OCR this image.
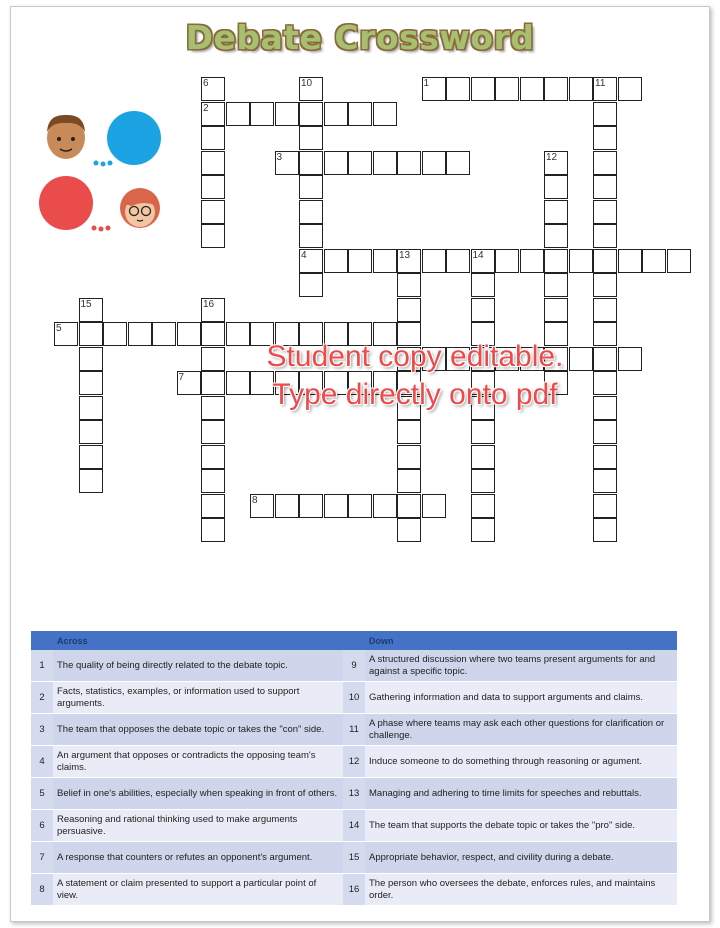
Debate Crossword
1
2
3
4
5
6
7
8
10	11
12
13	14
15	16
Student copy editable.
Type directly onto pdf
	Across		Down
1	The quality of being directly related to the debate topic.	9	A structured discussion where two teams present arguments for and against a specific topic.
2	Facts, statistics, examples, or information used to support arguments.	10	Gathering information and data to support arguments and claims.
3	The team that opposes the debate topic or takes the "con" side.	11	A phase where teams may ask each other questions for clarification or challenge.
4	An argument that opposes or contradicts the opposing team's claims.	12	Induce someone to do something through reasoning or agument.
5	Belief in one's abilities, especially when speaking in front of others.	13	Managing and adhering to time limits for speeches and rebuttals.
6	Reasoning and rational thinking used to make arguments persuasive.	14	The team that supports the debate topic or takes the "pro" side.
7	A response that counters or refutes an opponent's argument.	15	Appropriate behavior, respect, and civility during a debate.
8	A statement or claim presented to support a particular point of view.	16	The person who oversees the debate, enforces rules, and maintains order.
